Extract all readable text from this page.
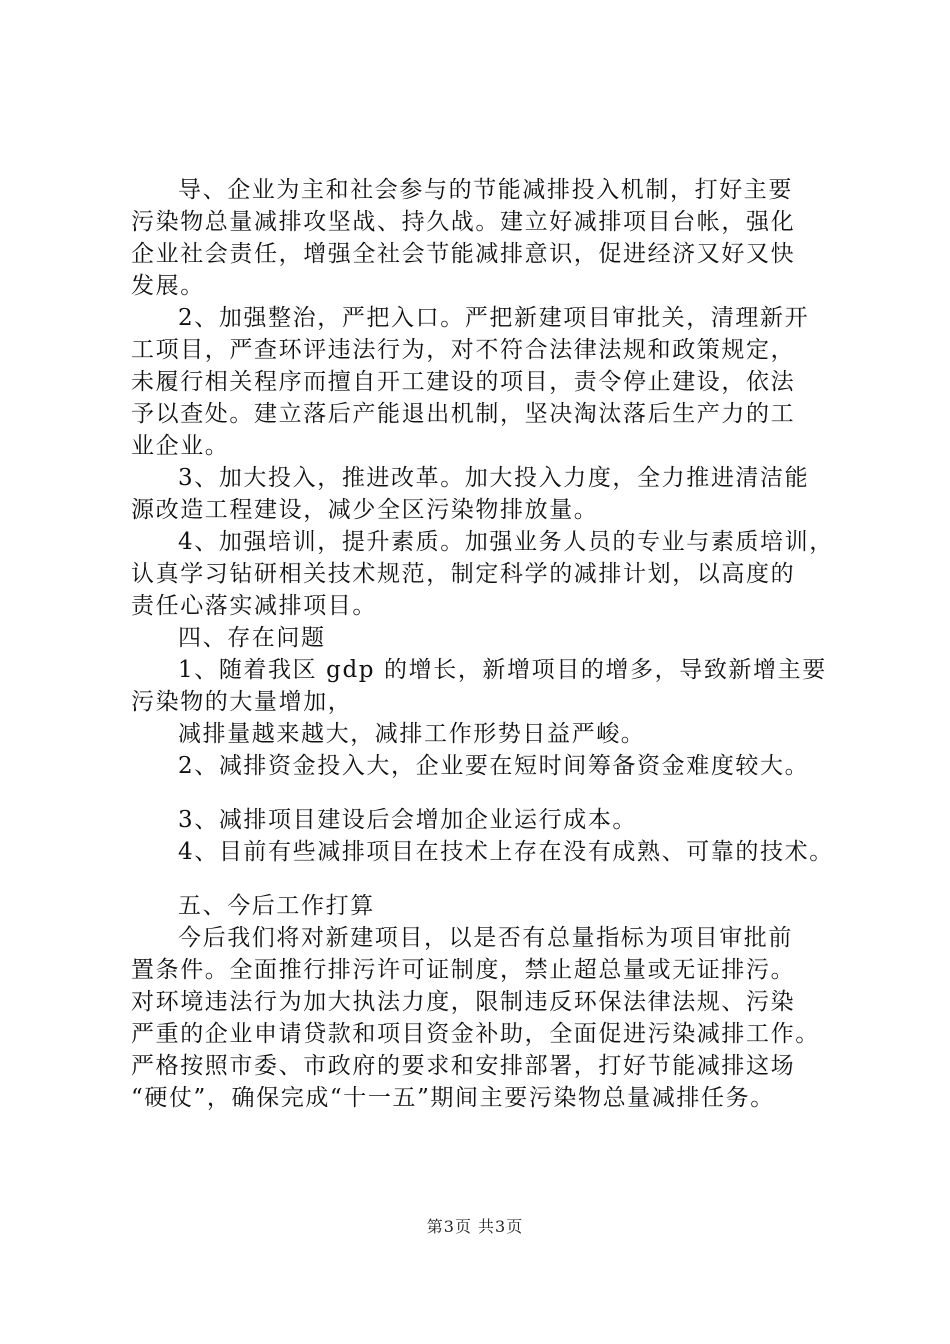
导、企业为主和社会参与的节能减排投入机制，打好主要
污染物总量减排攻坚战、持久战。建立好减排项目台帐，强化
企业社会责任，增强全社会节能减排意识，促进经济又好又快
发展。
2、加强整治，严把入口。严把新建项目审批关，清理新开
工项目，严查环评违法行为，对不符合法律法规和政策规定，
未履行相关程序而擅自开工建设的项目，责令停止建设，依法
予以查处。建立落后产能退出机制，坚决淘汰落后生产力的工
业企业。
3、加大投入，推进改革。加大投入力度，全力推进清洁能
源改造工程建设，减少全区污染物排放量。
4、加强培训，提升素质。加强业务人员的专业与素质培训，
认真学习钻研相关技术规范，制定科学的减排计划，以高度的
责任心落实减排项目。
四、存在问题
1、随着我区 gdp 的增长，新增项目的增多，导致新增主要
污染物的大量增加，
减排量越来越大，减排工作形势日益严峻。
2、减排资金投入大，企业要在短时间筹备资金难度较大。
3、减排项目建设后会增加企业运行成本。
4、目前有些减排项目在技术上存在没有成熟、可靠的技术。
五、今后工作打算
今后我们将对新建项目，以是否有总量指标为项目审批前
置条件。全面推行排污许可证制度，禁止超总量或无证排污。
对环境违法行为加大执法力度，限制违反环保法律法规、污染
严重的企业申请贷款和项目资金补助，全面促进污染减排工作。
严格按照市委、市政府的要求和安排部署，打好节能减排这场
“硬仗”，确保完成“十一五”期间主要污染物总量减排任务。
第3页 共3页
